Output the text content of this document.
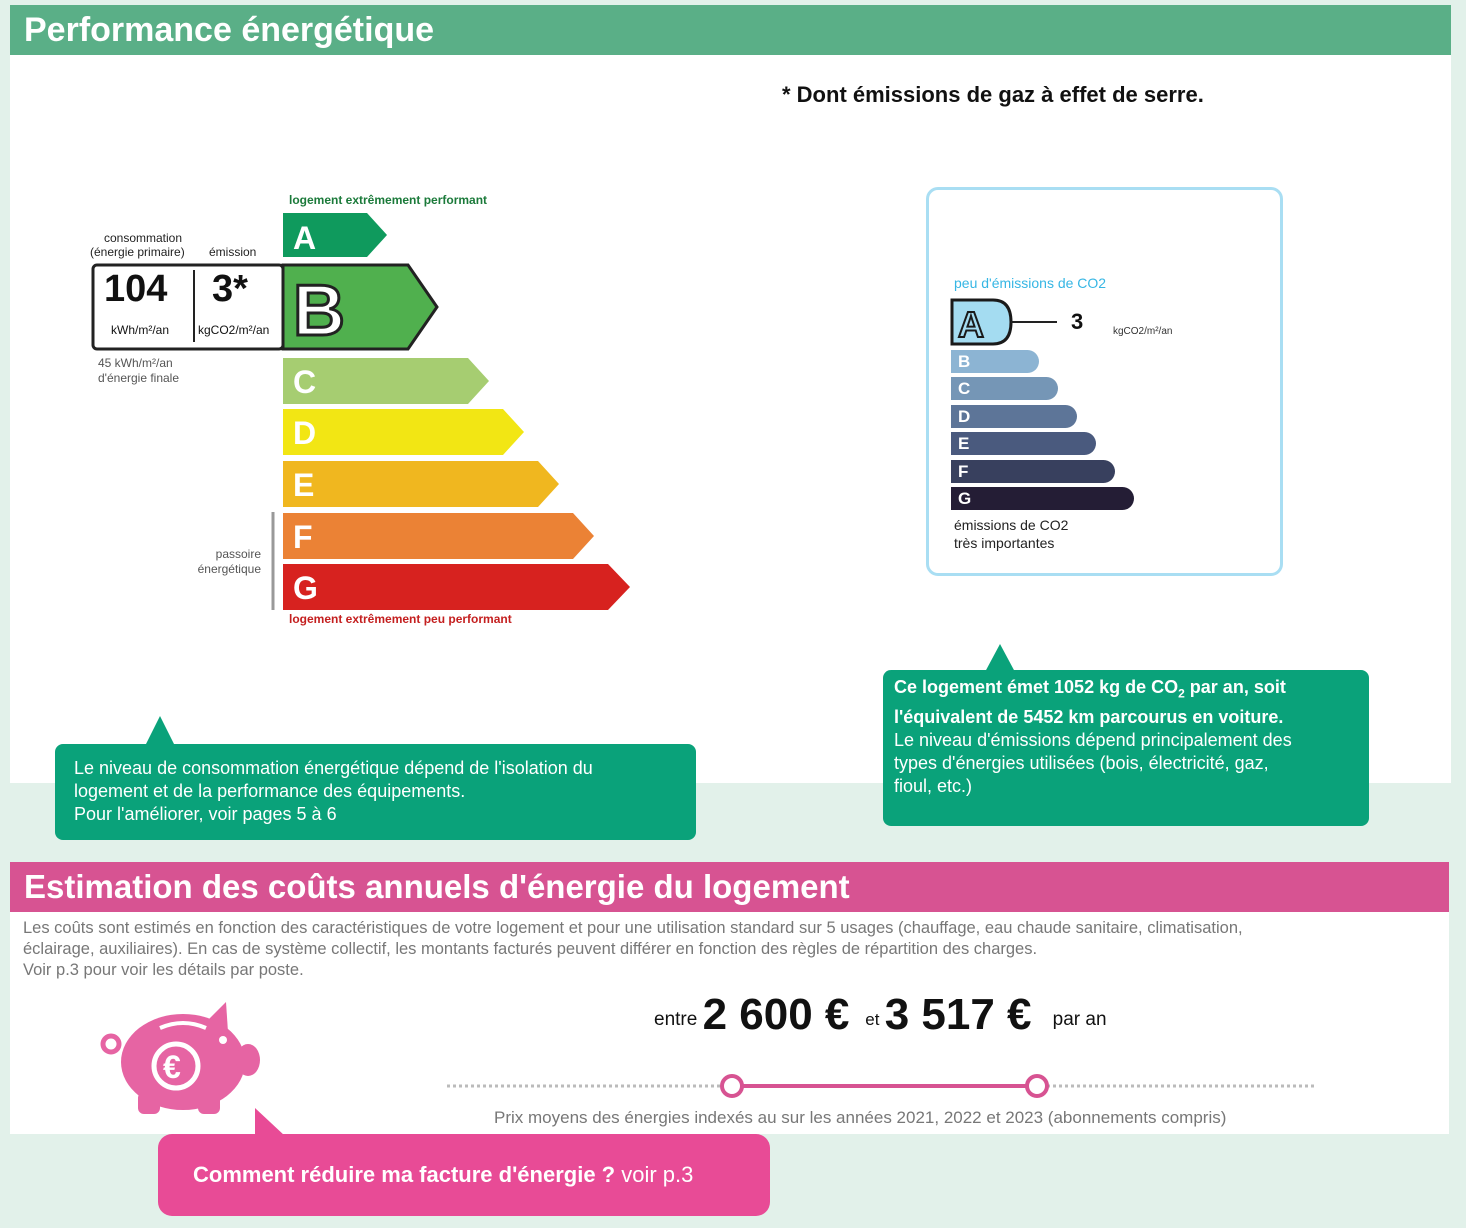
Performance énergétique
* Dont émissions de gaz à effet de serre.
logement extrêmement performant
logement extrêmement peu performant
consommation
(énergie primaire) émission A
B
C
D
E
F
G
104 3*
kWh/m²/an kgCO2/m²/an
45 kWh/m²/an
d'énergie finale
passoire
énergétique
peu d'émissions de CO2
A	3	kgCO2/m²/an
B
C
D
E
F
G
émissions de CO2
très importantes
Le niveau de consommation énergétique dépend de l'isolation du
logement et de la performance des équipements.
Pour l'améliorer, voir pages 5 à 6
Ce logement émet 1052 kg de $CO_2$ par an, soit
l'équivalent de 5452 km parcourus en voiture.
Le niveau d'émissions dépend principalement des
types d'énergies utilisées (bois, électricité, gaz,
fioul, etc.)
Estimation des coûts annuels d'énergie du logement
Les coûts sont estimés en fonction des caractéristiques de votre logement et pour une utilisation standard sur 5 usages (chauffage, eau chaude sanitaire, climatisation,
éclairage, auxiliaires). En cas de système collectif, les montants facturés peuvent différer en fonction des règles de répartition des charges.
Voir p.3 pour voir les détails par poste.
€
entre 2 600 € et 3 517 € par an
Prix moyens des énergies indexés au sur les années 2021, 2022 et 2023 (abonnements compris)
Comment réduire ma facture d'énergie ? voir p.3
